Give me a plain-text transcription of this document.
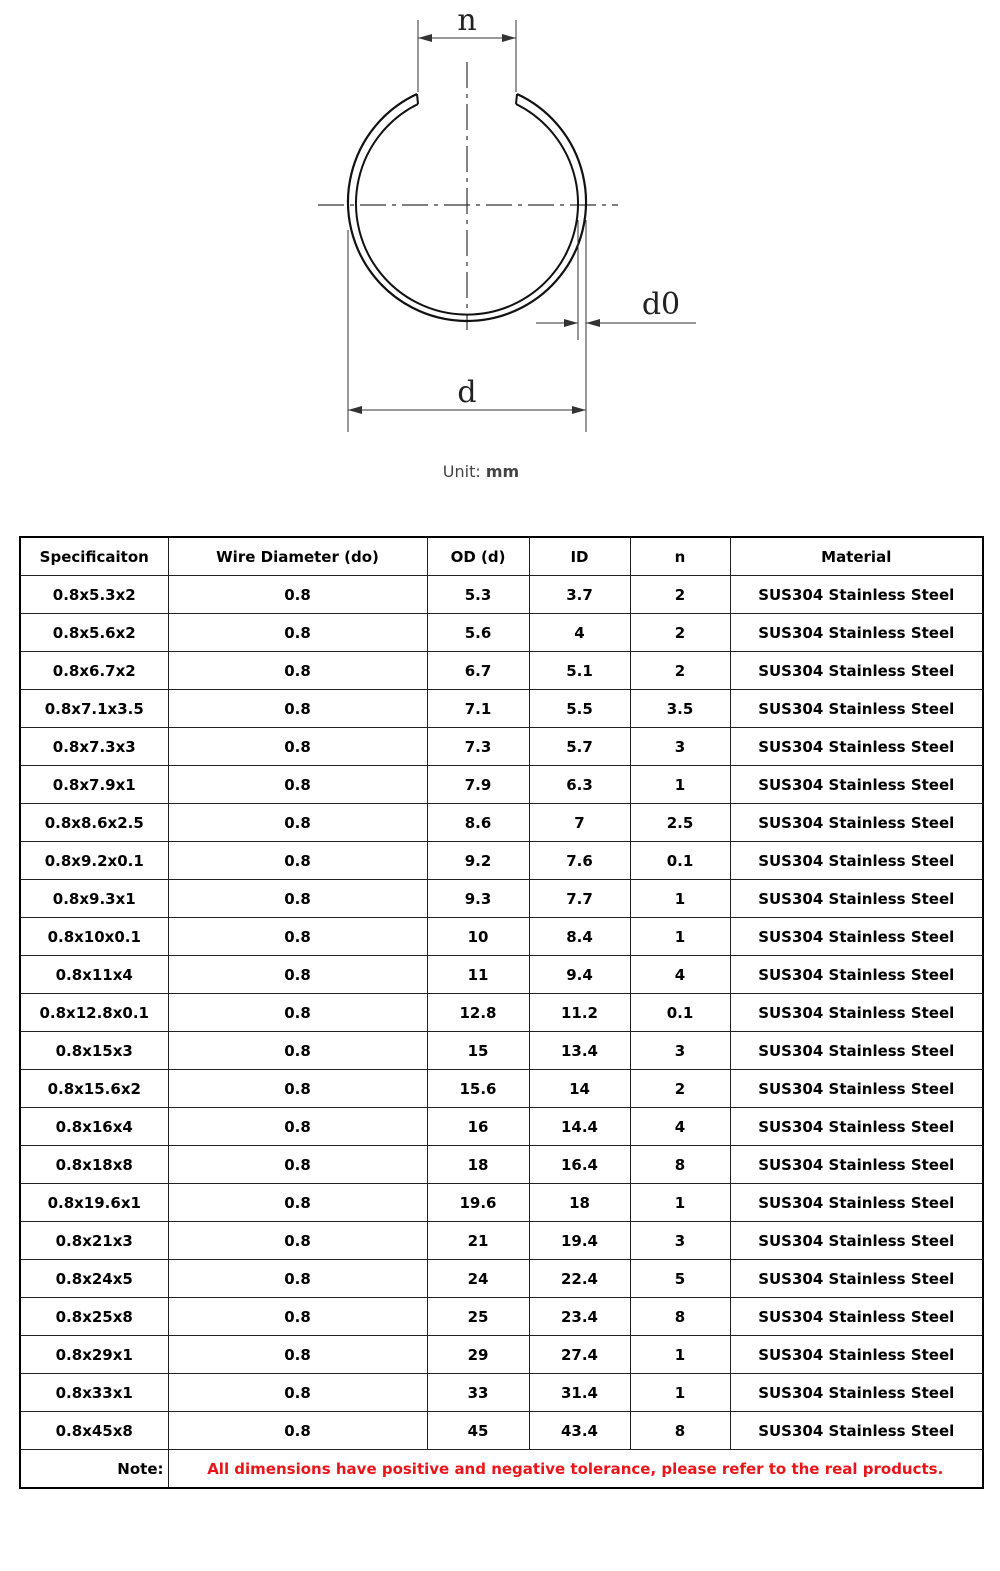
n
d
d0
Unit: mm
Specificaiton	Wire Diameter (do)	OD (d)	ID	n	Material
0.8x5.3x2	0.8	5.3	3.7	2	SUS304 Stainless Steel
0.8x5.6x2	0.8	5.6	4	2	SUS304 Stainless Steel
0.8x6.7x2	0.8	6.7	5.1	2	SUS304 Stainless Steel
0.8x7.1x3.5	0.8	7.1	5.5	3.5	SUS304 Stainless Steel
0.8x7.3x3	0.8	7.3	5.7	3	SUS304 Stainless Steel
0.8x7.9x1	0.8	7.9	6.3	1	SUS304 Stainless Steel
0.8x8.6x2.5	0.8	8.6	7	2.5	SUS304 Stainless Steel
0.8x9.2x0.1	0.8	9.2	7.6	0.1	SUS304 Stainless Steel
0.8x9.3x1	0.8	9.3	7.7	1	SUS304 Stainless Steel
0.8x10x0.1	0.8	10	8.4	1	SUS304 Stainless Steel
0.8x11x4	0.8	11	9.4	4	SUS304 Stainless Steel
0.8x12.8x0.1	0.8	12.8	11.2	0.1	SUS304 Stainless Steel
0.8x15x3	0.8	15	13.4	3	SUS304 Stainless Steel
0.8x15.6x2	0.8	15.6	14	2	SUS304 Stainless Steel
0.8x16x4	0.8	16	14.4	4	SUS304 Stainless Steel
0.8x18x8	0.8	18	16.4	8	SUS304 Stainless Steel
0.8x19.6x1	0.8	19.6	18	1	SUS304 Stainless Steel
0.8x21x3	0.8	21	19.4	3	SUS304 Stainless Steel
0.8x24x5	0.8	24	22.4	5	SUS304 Stainless Steel
0.8x25x8	0.8	25	23.4	8	SUS304 Stainless Steel
0.8x29x1	0.8	29	27.4	1	SUS304 Stainless Steel
0.8x33x1	0.8	33	31.4	1	SUS304 Stainless Steel
0.8x45x8	0.8	45	43.4	8	SUS304 Stainless Steel
Note:	All dimensions have positive and negative tolerance, please refer to the real products.				
